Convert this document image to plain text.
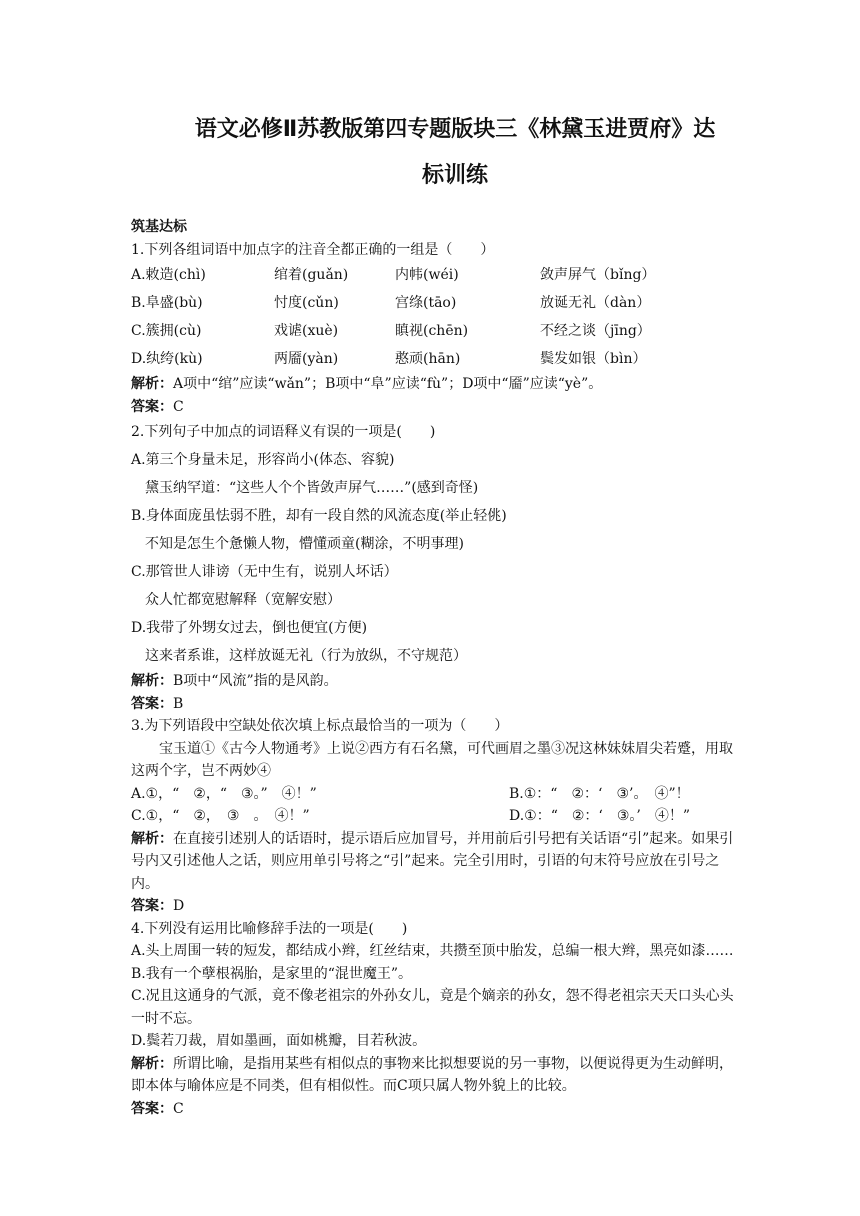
语文必修Ⅱ苏教版第四专题版块三《林黛玉进贾府》达
标训练

筑基达标

1.下列各组词语中加点字的注音全都正确的一组是（　　）

A.敕造(chì)	绾着(guǎn)	内帏(wéi)	敛声屏气（bǐng）
B.阜盛(bù)	忖度(cǔn)	宫绦(tāo)	放诞无礼（dàn）
C.簇拥(cù)	戏谑(xuè)	瞋视(chēn)	不经之谈（jīng）
D.纨绔(kù)	两靥(yàn)	憨顽(hān)	鬓发如银（bìn）

解析：A项中“绾”应读“wǎn”；B项中“阜”应读“fù”；D项中“靥”应读“yè”。

答案：C

2.下列句子中加点的词语释义有误的一项是(　　)

A.第三个身量未足，形容尚小(体态、容貌)

黛玉纳罕道：“这些人个个皆敛声屏气……”(感到奇怪)

B.身体面庞虽怯弱不胜，却有一段自然的风流态度(举止轻佻)

不知是怎生个惫懒人物，懵懂顽童(糊涂，不明事理)

C.那管世人诽谤（无中生有，说别人坏话）

众人忙都宽慰解释（宽解安慰）

D.我带了外甥女过去，倒也便宜(方便)

这来者系谁，这样放诞无礼（行为放纵，不守规范）

解析：B项中“风流”指的是风韵。

答案：B

3.为下列语段中空缺处依次填上标点最恰当的一项为（　　）

宝玉道①《古今人物通考》上说②西方有石名黛，可代画眉之墨③况这林妹妹眉尖若蹙，用取这两个字，岂不两妙④

A.①，“　②，“　③。”　④！”	B.①：“　②：‘　③’。　④”！
C.①，“　②，　③　。　④！”	D.①：“　②：‘　③。’　④！”

解析：在直接引述别人的话语时，提示语后应加冒号，并用前后引号把有关话语“引”起来。如果引号内又引述他人之话，则应用单引号将之“引”起来。完全引用时，引语的句末符号应放在引号之内。

答案：D

4.下列没有运用比喻修辞手法的一项是(　　)

A.头上周围一转的短发，都结成小辫，红丝结束，共攒至顶中胎发，总编一根大辫，黑亮如漆……

B.我有一个孽根祸胎，是家里的“混世魔王”。

C.况且这通身的气派，竟不像老祖宗的外孙女儿，竟是个嫡亲的孙女，怨不得老祖宗天天口头心头一时不忘。

D.鬓若刀裁，眉如墨画，面如桃瓣，目若秋波。

解析：所谓比喻，是指用某些有相似点的事物来比拟想要说的另一事物，以便说得更为生动鲜明，即本体与喻体应是不同类，但有相似性。而C项只属人物外貌上的比较。

答案：C
